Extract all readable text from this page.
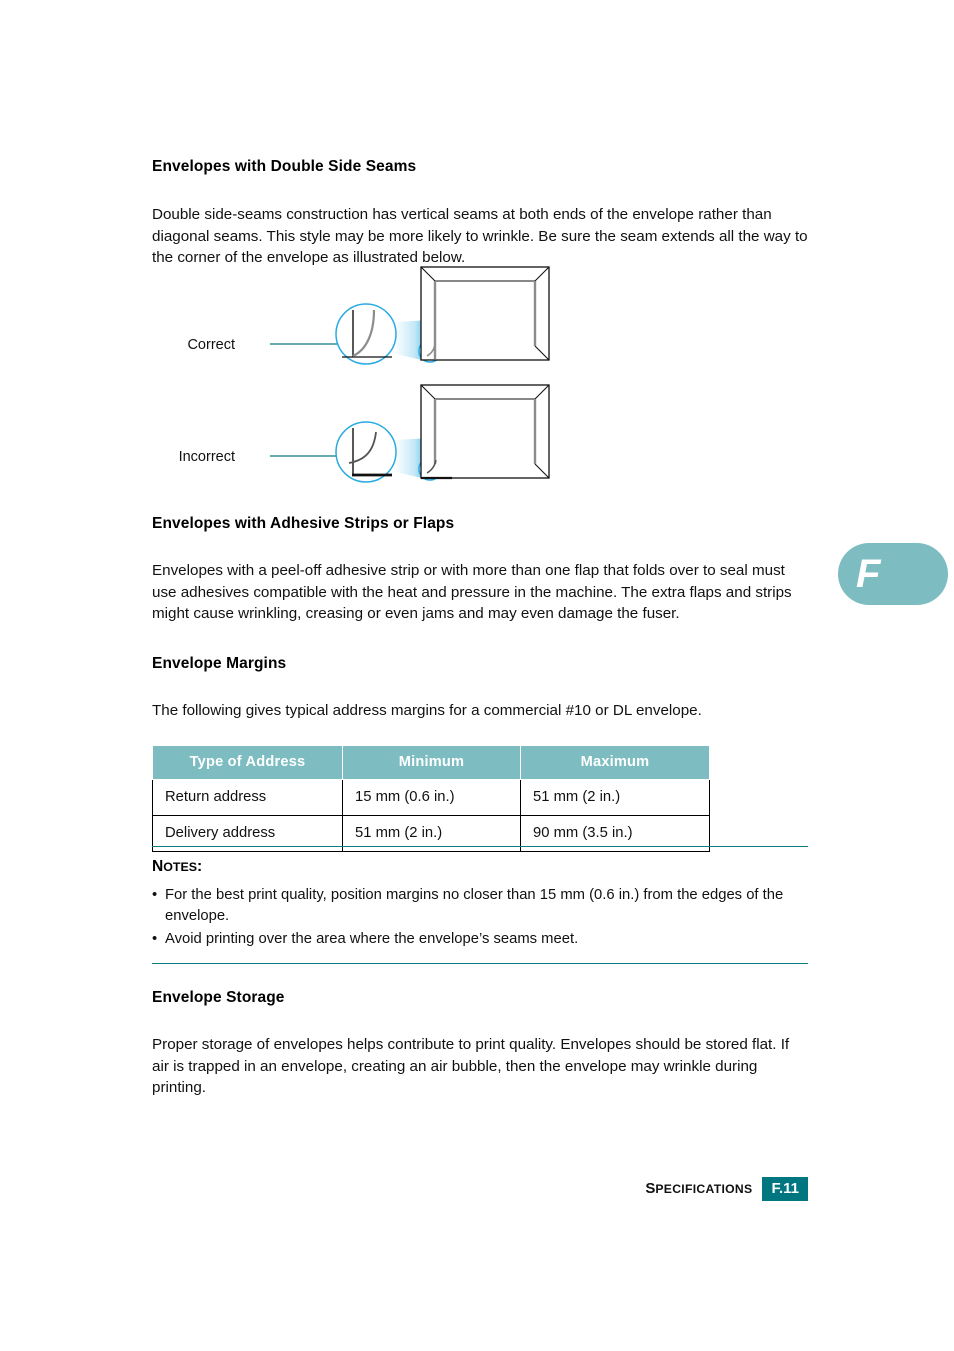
Envelopes with Double Side Seams

Double side-seams construction has vertical seams at both ends of the envelope rather than diagonal seams. This style may be more likely to wrinkle. Be sure the seam extends all the way to the corner of the envelope as illustrated below.

Correct
Incorrect
Envelopes with Adhesive Strips or Flaps

Envelopes with a peel-off adhesive strip or with more than one flap that folds over to seal must use adhesives compatible with the heat and pressure in the machine. The extra flaps and strips might cause wrinkling, creasing or even jams and may even damage the fuser.

Envelope Margins

The following gives typical address margins for a commercial #10 or DL envelope.

Type of Address	Minimum	Maximum
Return address	15 mm (0.6 in.)	51 mm (2 in.)
Delivery address	51 mm (2 in.)	90 mm (3.5 in.)
NOTES:
• For the best print quality, position margins no closer than 15 mm (0.6 in.) from the edges of the envelope.
• Avoid printing over the area where the envelope’s seams meet.
Envelope Storage

Proper storage of envelopes helps contribute to print quality. Envelopes should be stored flat. If air is trapped in an envelope, creating an air bubble, then the envelope may wrinkle during printing.

F
SPECIFICATIONS	F.11
